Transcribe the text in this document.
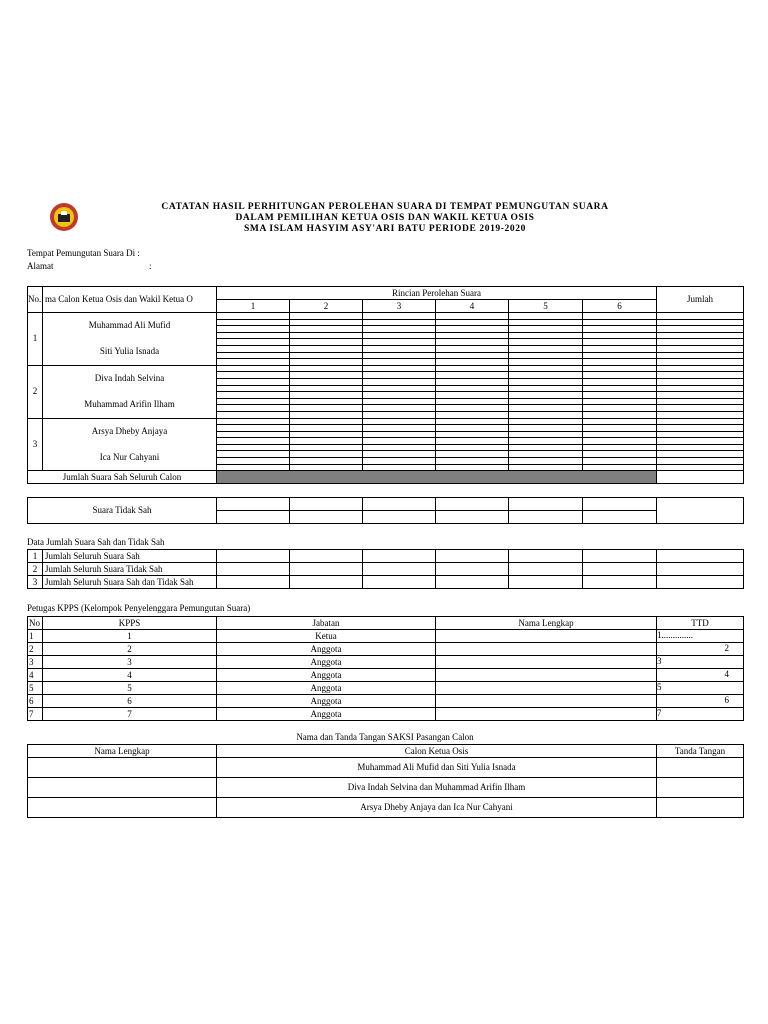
CATATAN HASIL PERHITUNGAN PEROLEHAN SUARA DI TEMPAT PEMUNGUTAN SUARA
DALAM PEMILIHAN KETUA OSIS DAN WAKIL KETUA OSIS
SMA ISLAM HASYIM ASY'ARI BATU PERIODE 2019-2020
Tempat Pemungutan Suara Di :
Alamat	:
No.	ma Calon Ketua Osis dan Wakil Ketua O	Rincian Perolehan Suara						Jumlah
		1	2	3	4	5	6	
1	Muhammad Ali Mufid							

	Siti Yulia Isnada							

2	Diva Indah Selvina							

	Muhammad Arifin Ilham							

3	Arsya Dheby Anjaya							

	Ica Nur Cahyani							

Jumlah Suara Sah Seluruh Calon								
Suara Tidak Sah							

Data Jumlah Suara Sah dan Tidak Sah
1	Jumlah Seluruh Suara Sah							
2	Jumlah Seluruh Suara Tidak Sah							
3	Jumlah Seluruh Suara Sah dan Tidak Sah							
Petugas KPPS (Kelompok Penyelenggara Pemungutan Suara)
No	KPPS	Jabatan	Nama Lengkap	TTD
1	1	Ketua		1..............

2	2	Anggota		2

3	3	Anggota		3

4	4	Anggota		4

5	5	Anggota		5

6	6	Anggota		6

7	7	Anggota		7
Nama dan Tanda Tangan SAKSI Pasangan Calon
Nama Lengkap	Calon Ketua Osis	Tanda Tangan
	Muhammad Ali Mufid dan Siti Yulia Isnada	
	Diva Indah Selvina dan Muhammad Arifin Ilham	
	Arsya Dheby Anjaya dan Ica Nur Cahyani	
